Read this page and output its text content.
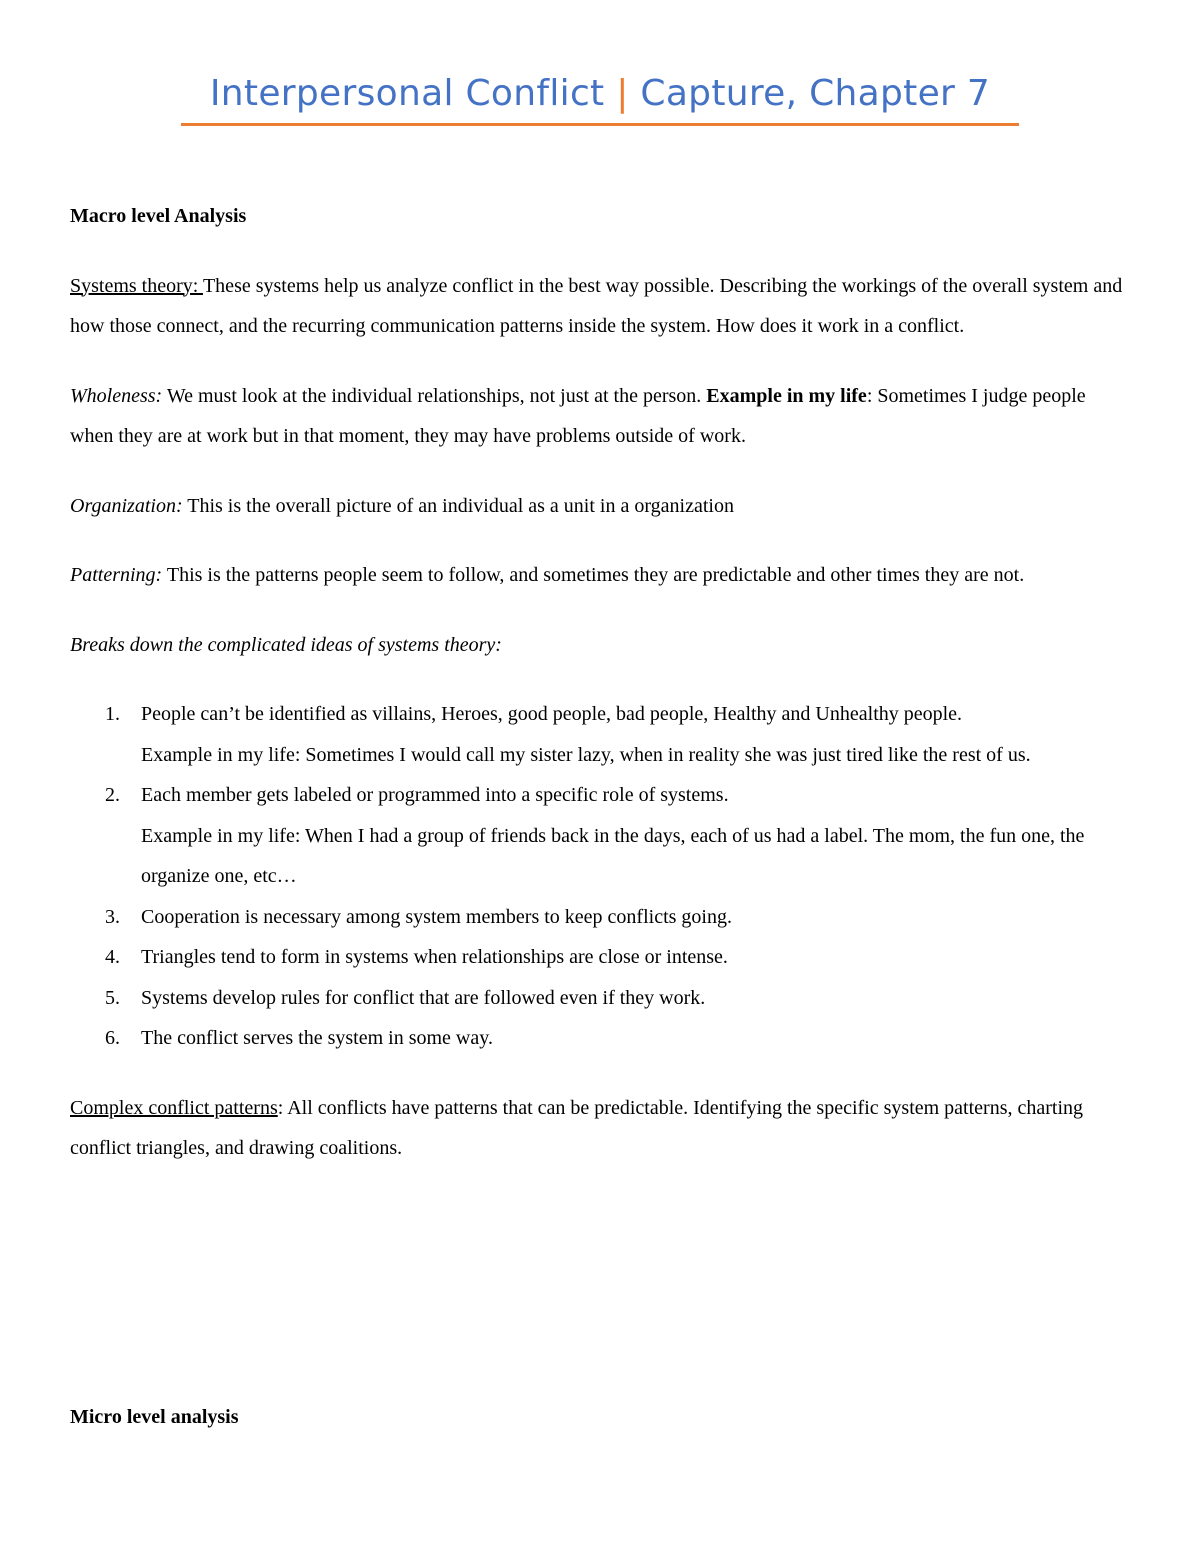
Interpersonal Conflict | Capture, Chapter 7

Macro level Analysis

Systems theory: These systems help us analyze conflict in the best way possible. Describing the workings of the overall system and how those connect, and the recurring communication patterns inside the system. How does it work in a conflict.

Wholeness: We must look at the individual relationships, not just at the person. Example in my life: Sometimes I judge people when they are at work but in that moment, they may have problems outside of work.

Organization: This is the overall picture of an individual as a unit in a organization

Patterning: This is the patterns people seem to follow, and sometimes they are predictable and other times they are not.

Breaks down the complicated ideas of systems theory:

1. People can’t be identified as villains, Heroes, good people, bad people, Healthy and Unhealthy people.
Example in my life: Sometimes I would call my sister lazy, when in reality she was just tired like the rest of us.
2. Each member gets labeled or programmed into a specific role of systems.
Example in my life: When I had a group of friends back in the days, each of us had a label. The mom, the fun one, the organize one, etc…
3. Cooperation is necessary among system members to keep conflicts going.
4. Triangles tend to form in systems when relationships are close or intense.
5. Systems develop rules for conflict that are followed even if they work.
6. The conflict serves the system in some way.

Complex conflict patterns: All conflicts have patterns that can be predictable. Identifying the specific system patterns, charting conflict triangles, and drawing coalitions.

Micro level analysis
